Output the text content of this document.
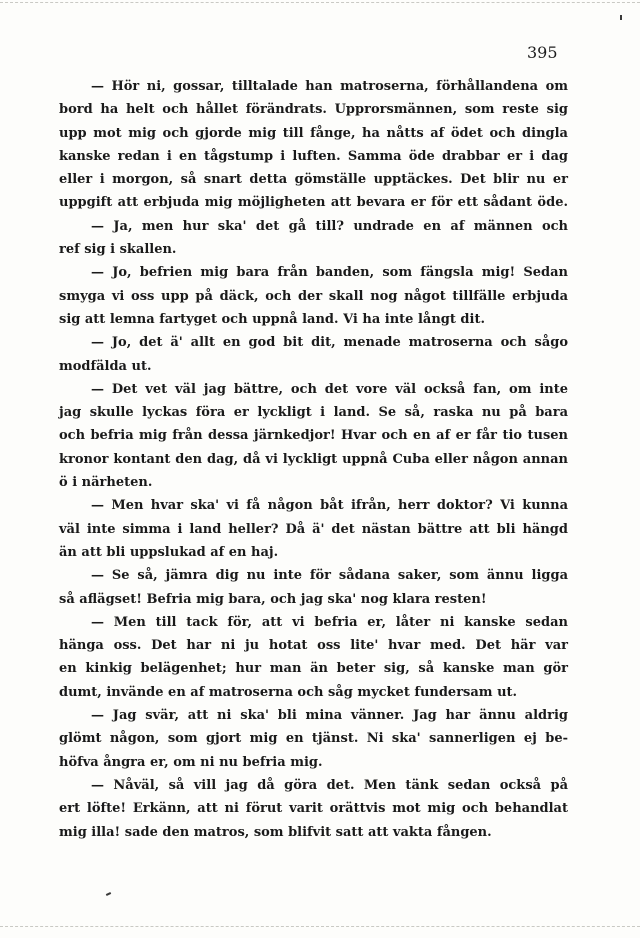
395

— Hör ni, gossar, tilltalade han matroserna, förhållandena om
bord ha helt och hållet förändrats. Upprorsmännen, som reste sig
upp mot mig och gjorde mig till fånge, ha nåtts af ödet och dingla
kanske redan i en tågstump i luften. Samma öde drabbar er i dag
eller i morgon, så snart detta gömställe upptäckes. Det blir nu er
uppgift att erbjuda mig möjligheten att bevara er för ett sådant öde.
— Ja, men hur ska' det gå till? undrade en af männen och
ref sig i skallen.
— Jo, befrien mig bara från banden, som fängsla mig! Sedan
smyga vi oss upp på däck, och der skall nog något tillfälle erbjuda
sig att lemna fartyget och uppnå land. Vi ha inte långt dit.
— Jo, det ä' allt en god bit dit, menade matroserna och sågo
modfälda ut.
— Det vet väl jag bättre, och det vore väl också fan, om inte
jag skulle lyckas föra er lyckligt i land. Se så, raska nu på bara
och befria mig från dessa järnkedjor! Hvar och en af er får tio tusen
kronor kontant den dag, då vi lyckligt uppnå Cuba eller någon annan
ö i närheten.
— Men hvar ska' vi få någon båt ifrån, herr doktor? Vi kunna
väl inte simma i land heller? Då ä' det nästan bättre att bli hängd
än att bli uppslukad af en haj.
— Se så, jämra dig nu inte för sådana saker, som ännu ligga
så aflägset! Befria mig bara, och jag ska' nog klara resten!
— Men till tack för, att vi befria er, låter ni kanske sedan
hänga oss. Det har ni ju hotat oss lite' hvar med. Det här var
en kinkig belägenhet; hur man än beter sig, så kanske man gör
dumt, invände en af matroserna och såg mycket fundersam ut.
— Jag svär, att ni ska' bli mina vänner. Jag har ännu aldrig
glömt någon, som gjort mig en tjänst. Ni ska' sannerligen ej be-
höfva ångra er, om ni nu befria mig.
— Nåväl, så vill jag då göra det. Men tänk sedan också på
ert löfte! Erkänn, att ni förut varit orättvis mot mig och behandlat
mig illa! sade den matros, som blifvit satt att vakta fången.
